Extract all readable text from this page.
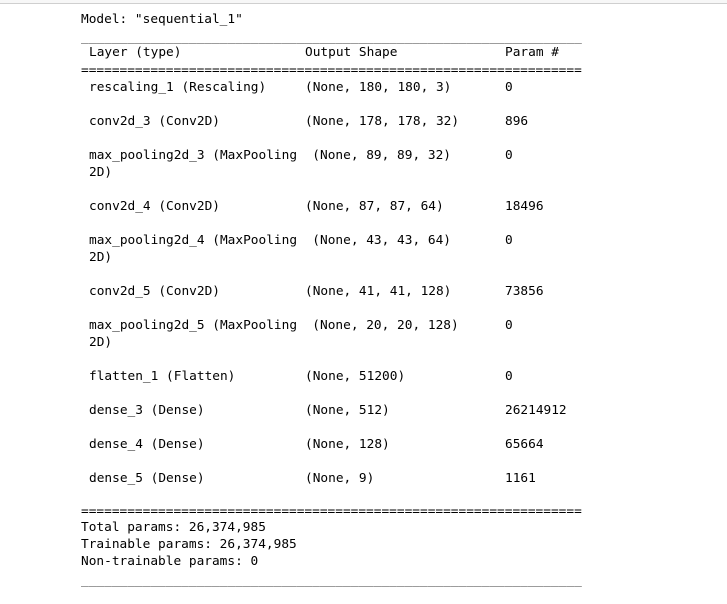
Model: "sequential_1"
_________________________________________________________________
Layer (type)	Output Shape	Param #
=================================================================
rescaling_1 (Rescaling)	(None, 180, 180, 3)	0
conv2d_3 (Conv2D)	(None, 178, 178, 32)	896
max_pooling2d_3 (MaxPooling
2D)
(None, 89, 89, 32)	0
conv2d_4 (Conv2D)	(None, 87, 87, 64)	18496
max_pooling2d_4 (MaxPooling
2D)
(None, 43, 43, 64)	0
conv2d_5 (Conv2D)	(None, 41, 41, 128)	73856
max_pooling2d_5 (MaxPooling
2D)
(None, 20, 20, 128)	0
flatten_1 (Flatten)	(None, 51200)	0
dense_3 (Dense)	(None, 512)	26214912
dense_4 (Dense)	(None, 128)	65664
dense_5 (Dense)	(None, 9)	1161
=================================================================
Total params: 26,374,985
Trainable params: 26,374,985
Non-trainable params: 0
_________________________________________________________________
